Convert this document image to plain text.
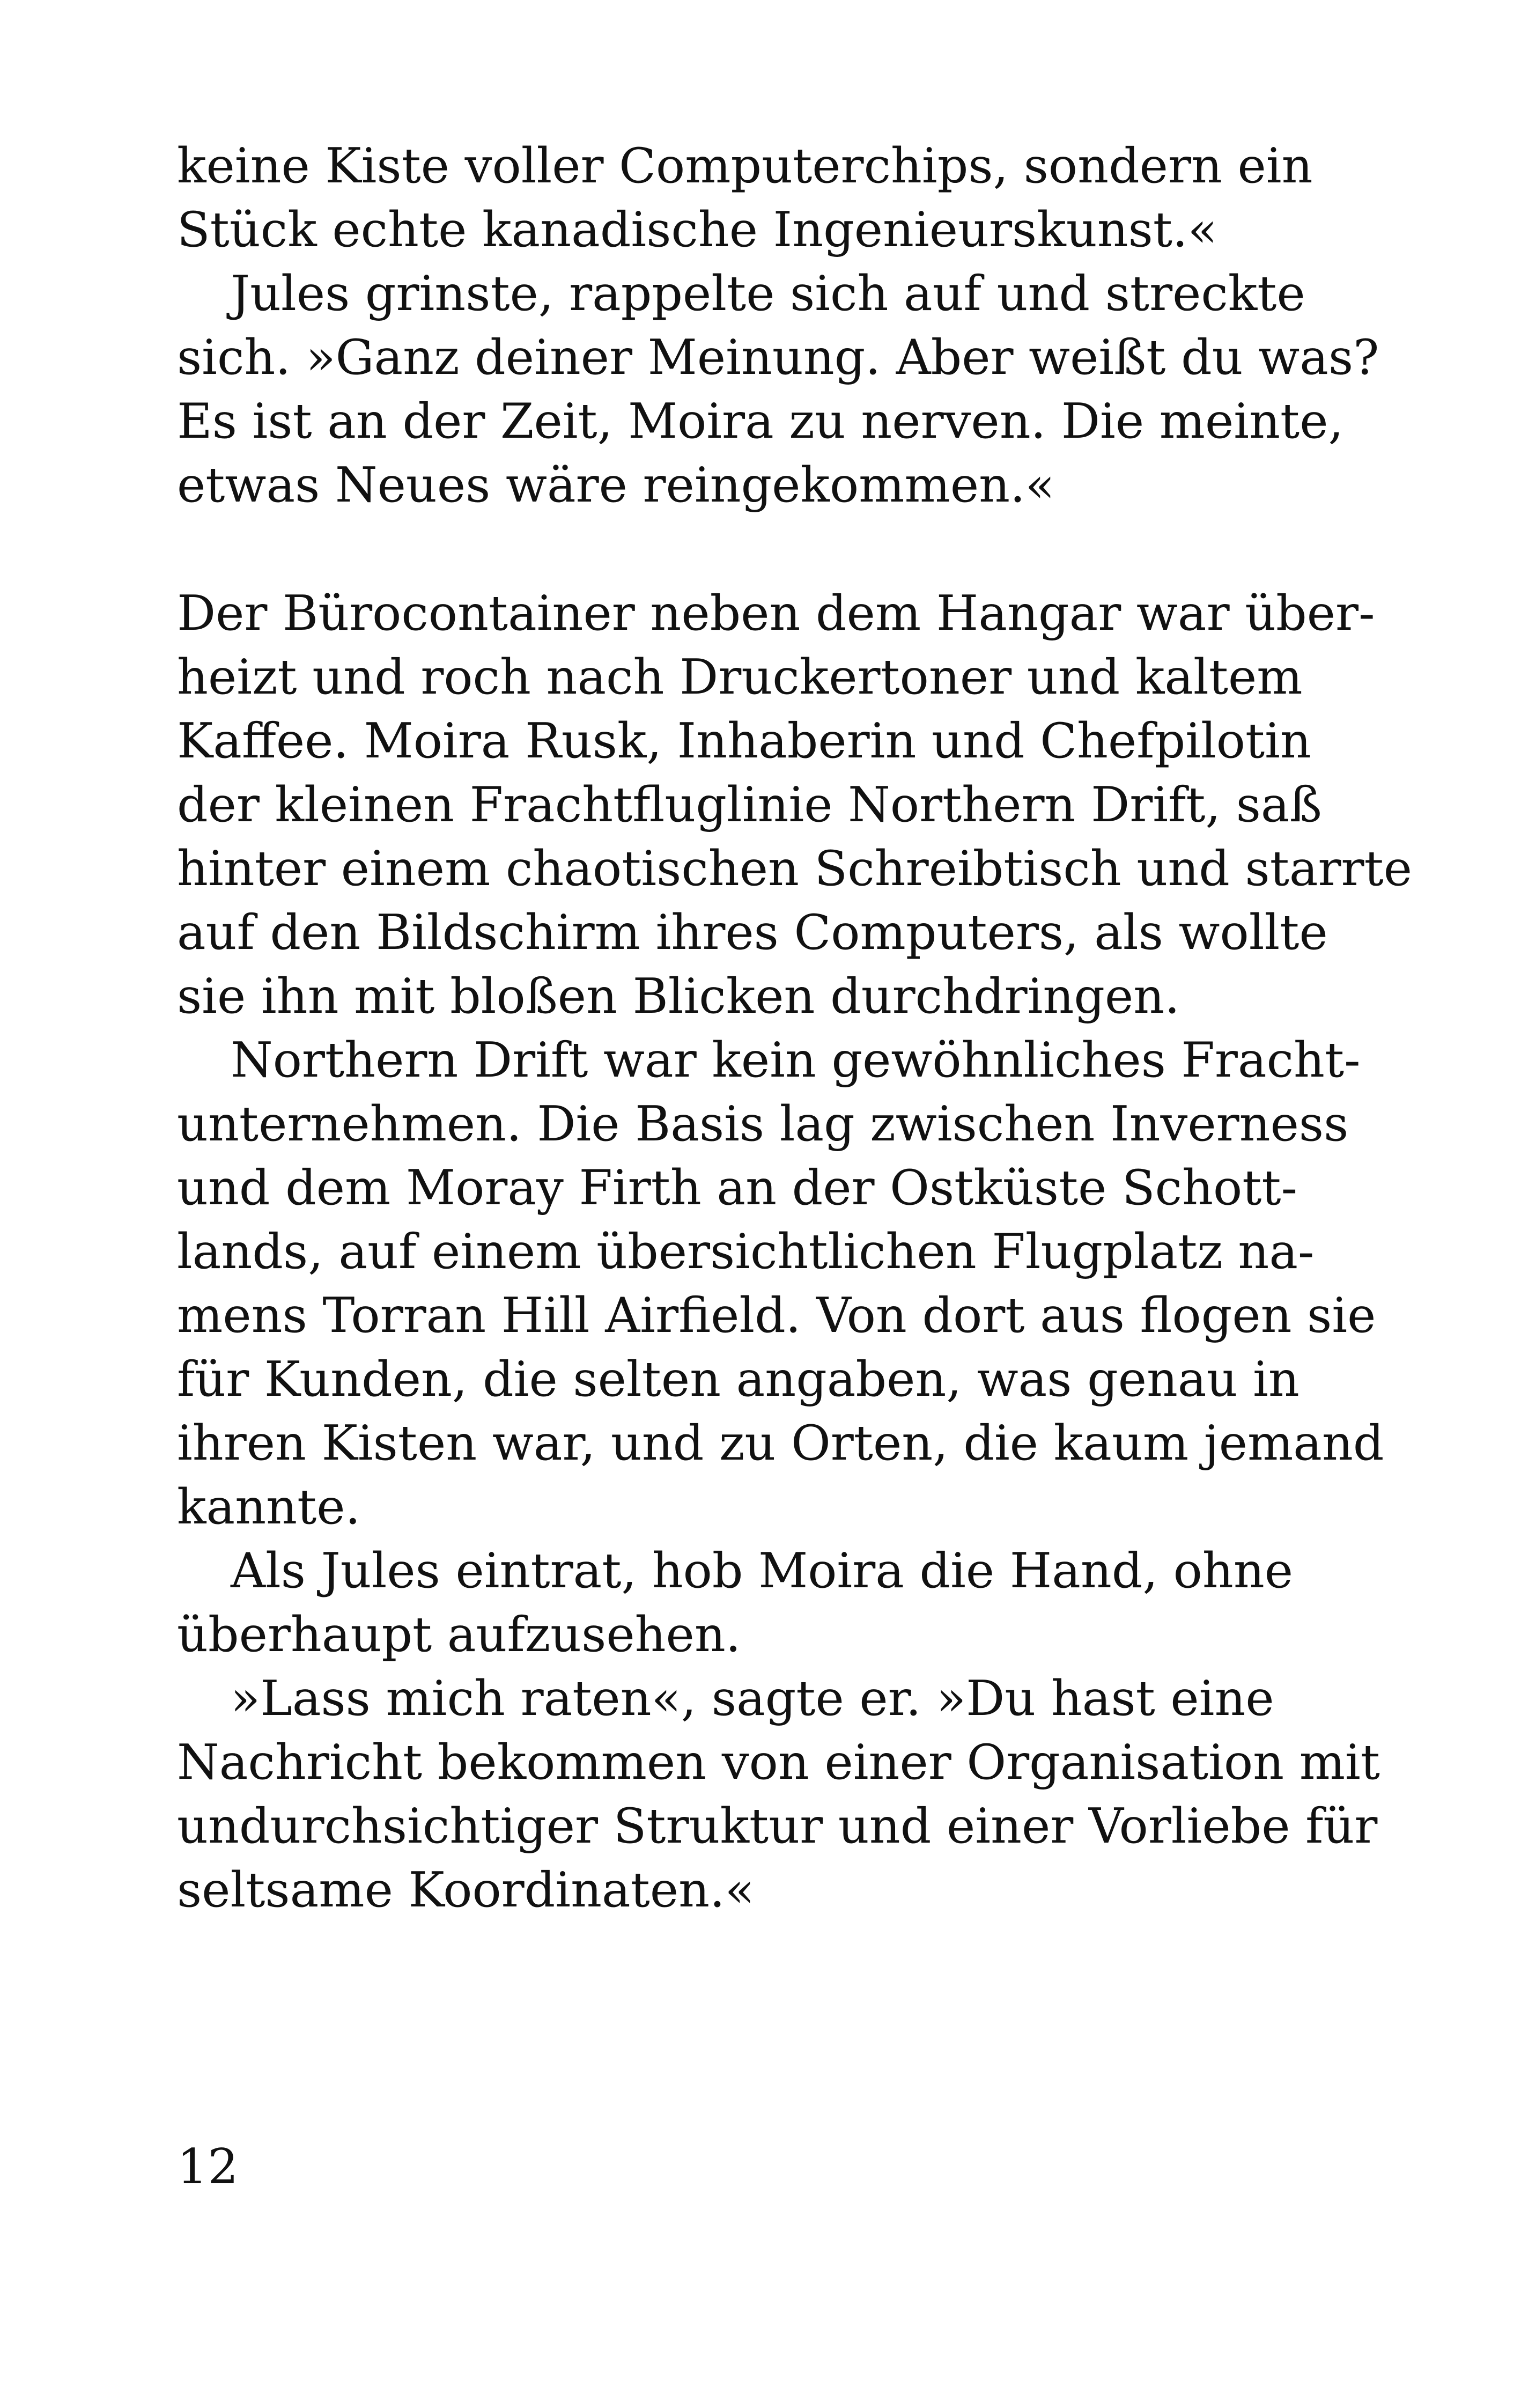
keine Kiste voller Computerchips, sondern ein
Stück echte kanadische Ingenieurskunst.«
Jules grinste, rappelte sich auf und streckte
sich. »Ganz deiner Meinung. Aber weißt du was?
Es ist an der Zeit, Moira zu nerven. Die meinte,
etwas Neues wäre reingekommen.«
Der Bürocontainer neben dem Hangar war über-
heizt und roch nach Druckertoner und kaltem
Kaffee. Moira Rusk, Inhaberin und Chefpilotin
der kleinen Frachtfluglinie Northern Drift, saß
hinter einem chaotischen Schreibtisch und starrte
auf den Bildschirm ihres Computers, als wollte
sie ihn mit bloßen Blicken durchdringen.
Northern Drift war kein gewöhnliches Fracht-
unternehmen. Die Basis lag zwischen Inverness
und dem Moray Firth an der Ostküste Schott-
lands, auf einem übersichtlichen Flugplatz na-
mens Torran Hill Airfield. Von dort aus flogen sie
für Kunden, die selten angaben, was genau in
ihren Kisten war, und zu Orten, die kaum jemand
kannte.
Als Jules eintrat, hob Moira die Hand, ohne
überhaupt aufzusehen.
»Lass mich raten«, sagte er. »Du hast eine
Nachricht bekommen von einer Organisation mit
undurchsichtiger Struktur und einer Vorliebe für
seltsame Koordinaten.«
12
